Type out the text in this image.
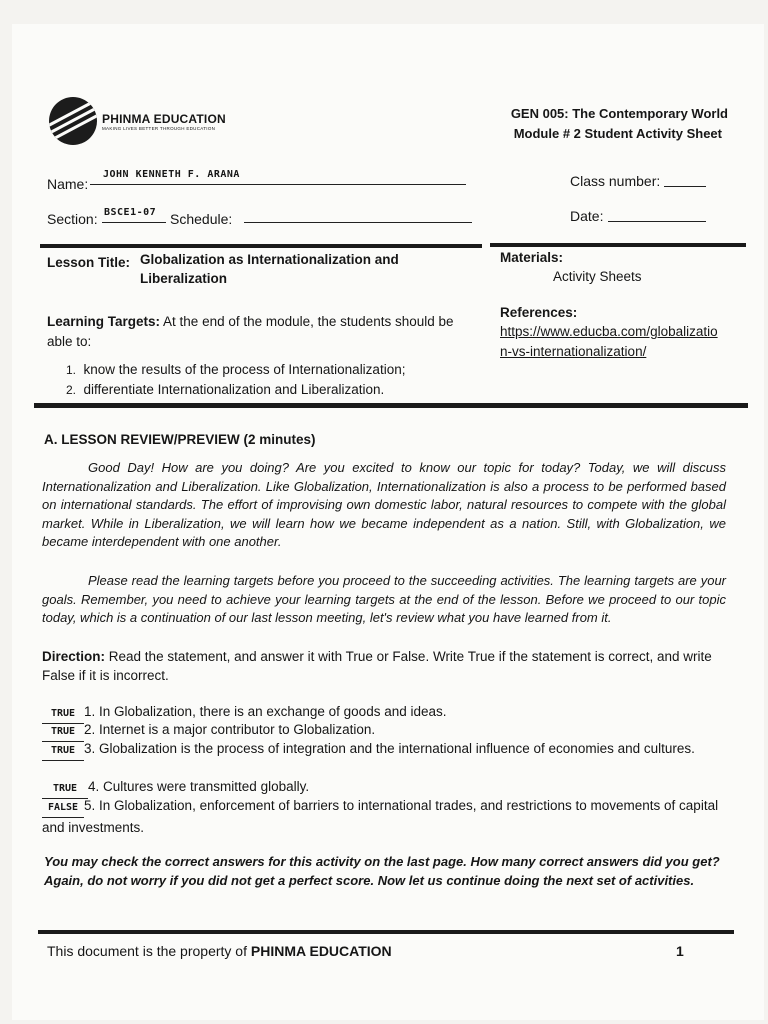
PHINMA EDUCATION
MAKING LIVES BETTER THROUGH EDUCATION
GEN 005: The Contemporary World
Module # 2 Student Activity Sheet
Name:
JOHN KENNETH F. ARANA	Class number:
Section: BSCE1-07 Schedule:	Date:
Lesson Title: Globalization as Internationalization and
Liberalization
Learning Targets: At the end of the module, the students should be able to:
1. know the results of the process of Internationalization;
2. differentiate Internationalization and Liberalization.
Materials:
Activity Sheets
References:
https://www.educba.com/globalizatio
n-vs-internationalization/
A. LESSON REVIEW/PREVIEW (2 minutes)
Good Day! How are you doing? Are you excited to know our topic for today? Today, we will discuss Internationalization and Liberalization. Like Globalization, Internationalization is also a process to be performed based on international standards. The effort of improvising own domestic labor, natural resources to compete with the global market. While in Liberalization, we will learn how we became independent as a nation. Still, with Globalization, we became interdependent with one another.
Please read the learning targets before you proceed to the succeeding activities. The learning targets are your goals. Remember, you need to achieve your learning targets at the end of the lesson. Before we proceed to our topic today, which is a continuation of our last lesson meeting, let's review what you have learned from it.
Direction: Read the statement, and answer it with True or False. Write True if the statement is correct, and write False if it is incorrect.
TRUE 1. In Globalization, there is an exchange of goods and ideas.
TRUE 2. Internet is a major contributor to Globalization.
TRUE 3. Globalization is the process of integration and the international influence of economies and cultures.
TRUE 4. Cultures were transmitted globally.
FALSE 5. In Globalization, enforcement of barriers to international trades, and restrictions to movements of capital and investments.
You may check the correct answers for this activity on the last page. How many correct answers did you get? Again, do not worry if you did not get a perfect score. Now let us continue doing the next set of activities.
This document is the property of PHINMA EDUCATION	1
